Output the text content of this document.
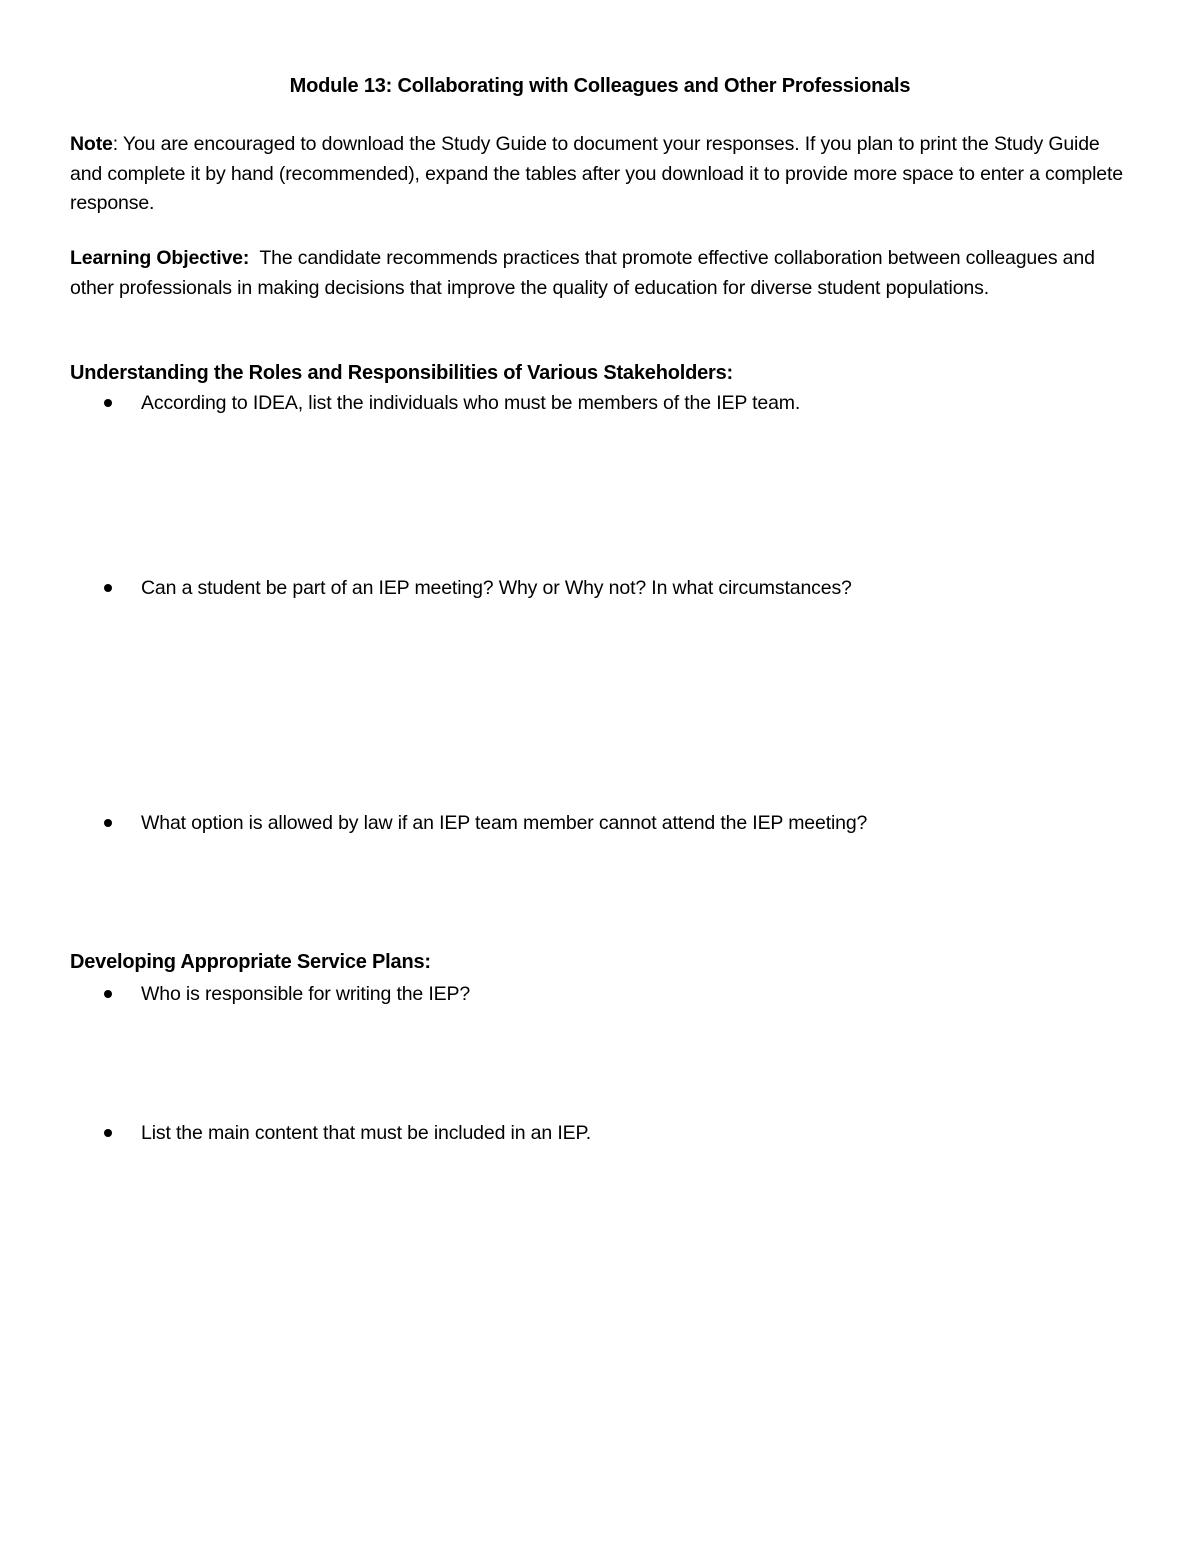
Module 13: Collaborating with Colleagues and Other Professionals
Note: You are encouraged to download the Study Guide to document your responses. If you plan to print the Study Guide and complete it by hand (recommended), expand the tables after you download it to provide more space to enter a complete response.
Learning Objective:  The candidate recommends practices that promote effective collaboration between colleagues and other professionals in making decisions that improve the quality of education for diverse student populations.
Understanding the Roles and Responsibilities of Various Stakeholders:
According to IDEA, list the individuals who must be members of the IEP team.
Can a student be part of an IEP meeting? Why or Why not? In what circumstances?
What option is allowed by law if an IEP team member cannot attend the IEP meeting?
Developing Appropriate Service Plans:
Who is responsible for writing the IEP?
List the main content that must be included in an IEP.
